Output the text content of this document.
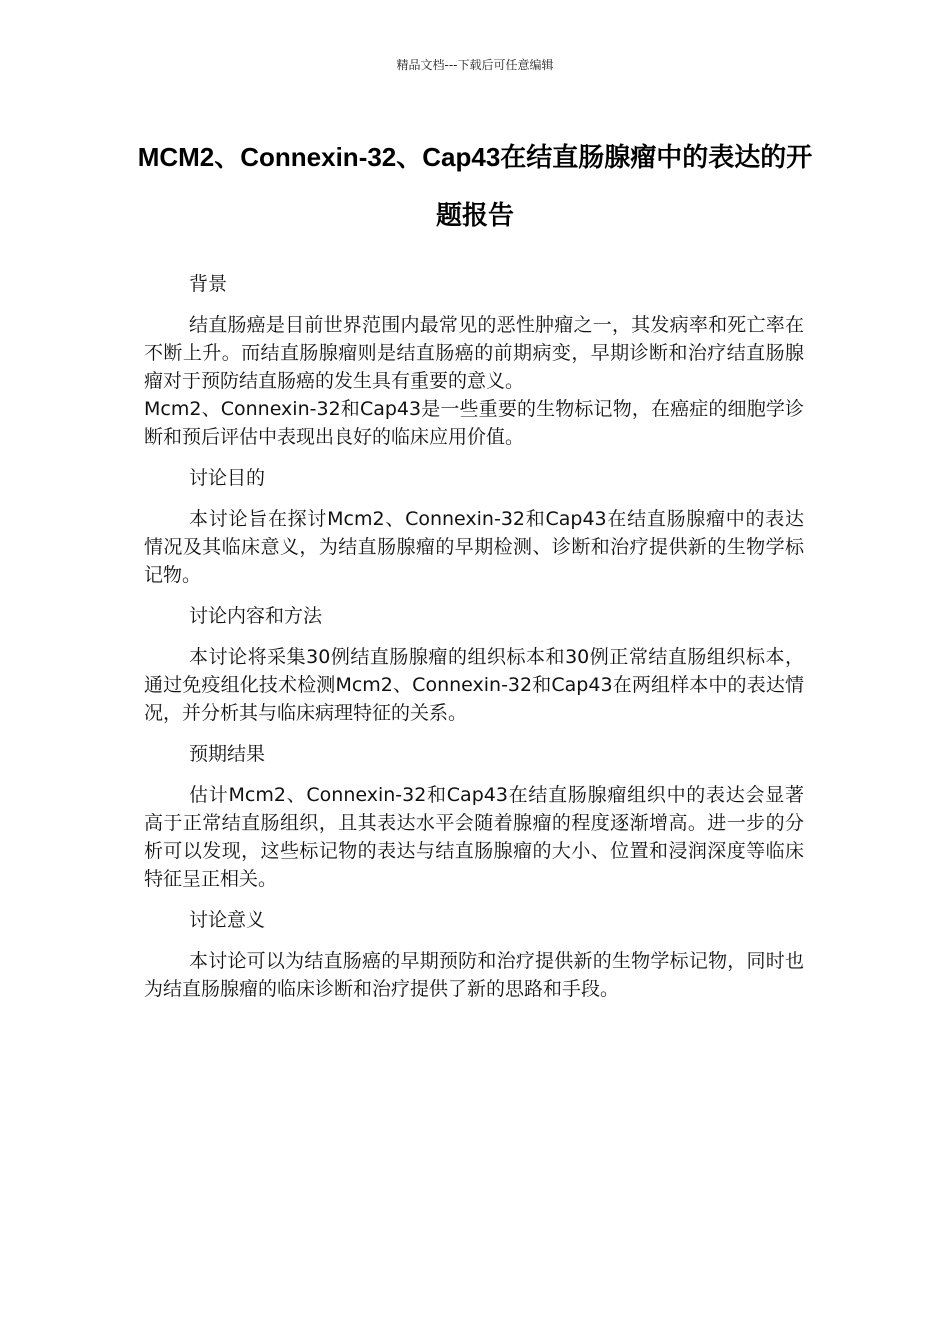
精品文档---下载后可任意编辑
MCM2、Connexin-32、Cap43在结直肠腺瘤中的表达的开题报告

背景

结直肠癌是目前世界范围内最常见的恶性肿瘤之一，其发病率和死亡率在不断上升。而结直肠腺瘤则是结直肠癌的前期病变，早期诊断和治疗结直肠腺瘤对于预防结直肠癌的发生具有重要的意义。
Mcm2、Connexin-32和Cap43是一些重要的生物标记物，在癌症的细胞学诊断和预后评估中表现出良好的临床应用价值。

讨论目的

本讨论旨在探讨Mcm2、Connexin-32和Cap43在结直肠腺瘤中的表达情况及其临床意义，为结直肠腺瘤的早期检测、诊断和治疗提供新的生物学标记物。

讨论内容和方法

本讨论将采集30例结直肠腺瘤的组织标本和30例正常结直肠组织标本，通过免疫组化技术检测Mcm2、Connexin-32和Cap43在两组样本中的表达情况，并分析其与临床病理特征的关系。

预期结果

估计Mcm2、Connexin-32和Cap43在结直肠腺瘤组织中的表达会显著高于正常结直肠组织，且其表达水平会随着腺瘤的程度逐渐增高。进一步的分析可以发现，这些标记物的表达与结直肠腺瘤的大小、位置和浸润深度等临床特征呈正相关。

讨论意义

本讨论可以为结直肠癌的早期预防和治疗提供新的生物学标记物，同时也为结直肠腺瘤的临床诊断和治疗提供了新的思路和手段。
